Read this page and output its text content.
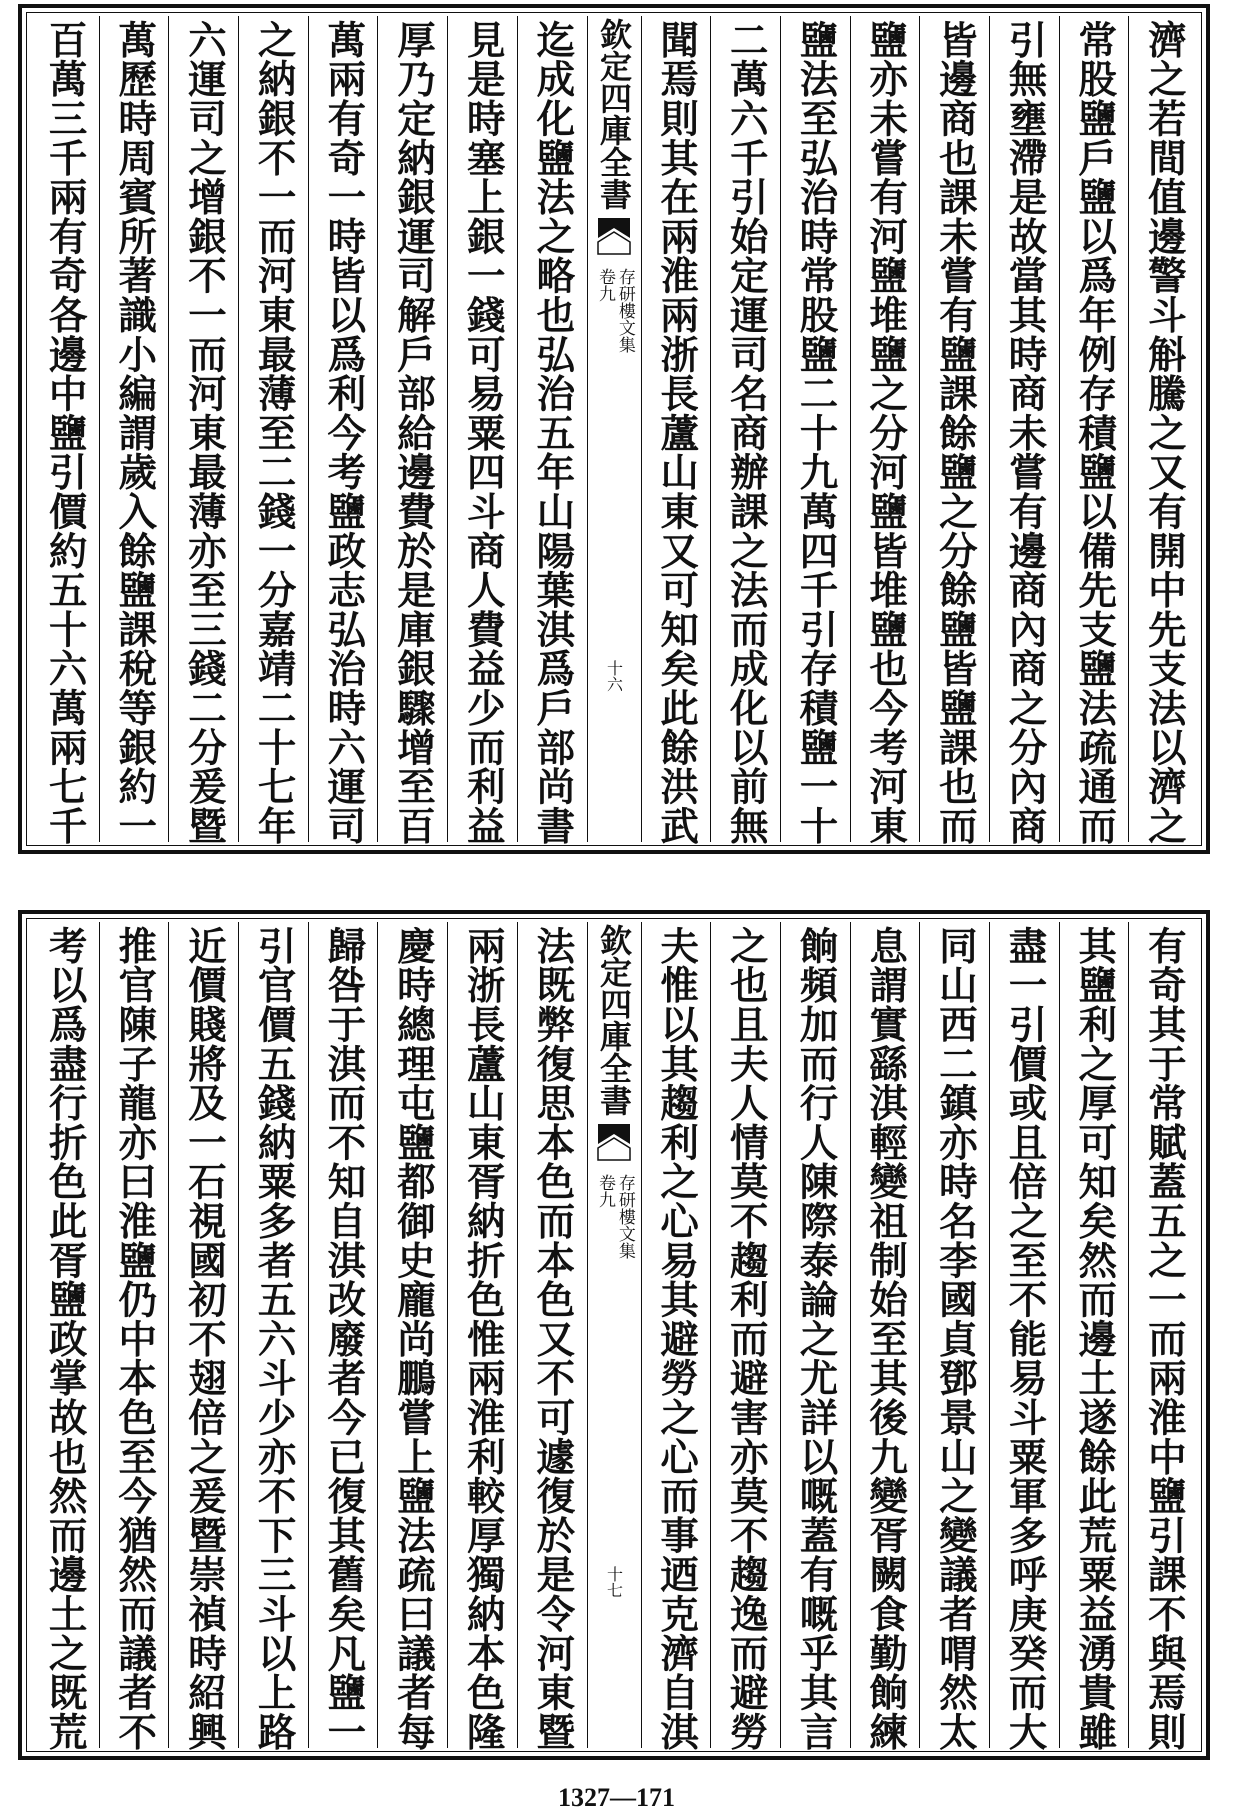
濟之若間值邊警斗斛騰之又有開中先支法以濟之
常股鹽戶鹽以爲年例存積鹽以備先支鹽法疏通而
引無壅滯是故當其時商未嘗有邊商內商之分內商
皆邊商也課未嘗有鹽課餘鹽之分餘鹽皆鹽課也而
鹽亦未嘗有河鹽堆鹽之分河鹽皆堆鹽也今考河東
鹽法至弘治時常股鹽二十九萬四千引存積鹽一十
二萬六千引始定運司名商辦課之法而成化以前無
聞焉則其在兩淮兩浙長蘆山東又可知矣此餘洪武
欽定四庫全書
存研樓文集
卷九
十六
迄成化鹽法之略也弘治五年山陽葉淇爲戶部尚書
見是時塞上銀一錢可易粟四斗商人費益少而利益
厚乃定納銀運司解戶部給邊費於是庫銀驟增至百
萬兩有奇一時皆以爲利今考鹽政志弘治時六運司
之納銀不一而河東最薄至二錢一分嘉靖二十七年
六運司之增銀不一而河東最薄亦至三錢二分爰暨
萬歷時周賓所著識小編謂歲入餘鹽課稅等銀約一
百萬三千兩有奇各邊中鹽引價約五十六萬兩七千
有奇其于常賦蓋五之一而兩淮中鹽引課不與焉則
其鹽利之厚可知矣然而邊土遂餘此荒粟益湧貴雖
盡一引價或且倍之至不能易斗粟軍多呼庚癸而大
同山西二鎮亦時名李國貞鄧景山之變議者喟然太
息謂實繇淇輕變祖制始至其後九變胥闕食勤餉練
餉頻加而行人陳際泰論之尤詳以嘅蓋有嘅乎其言
之也且夫人情莫不趨利而避害亦莫不趨逸而避勞
夫惟以其趨利之心易其避勞之心而事迺克濟自淇
欽定四庫全書
存研樓文集
卷九
十七
法既弊復思本色而本色又不可遽復於是令河東暨
兩浙長蘆山東胥納折色惟兩淮利較厚獨納本色隆
慶時總理屯鹽都御史龐尚鵬嘗上鹽法疏曰議者每
歸咎于淇而不知自淇改廢者今已復其舊矣凡鹽一
引官價五錢納粟多者五六斗少亦不下三斗以上路
近價賤將及一石視國初不翅倍之爰暨崇禎時紹興
推官陳子龍亦曰淮鹽仍中本色至今猶然而議者不
考以爲盡行折色此胥鹽政掌故也然而邊土之既荒
1327—171
